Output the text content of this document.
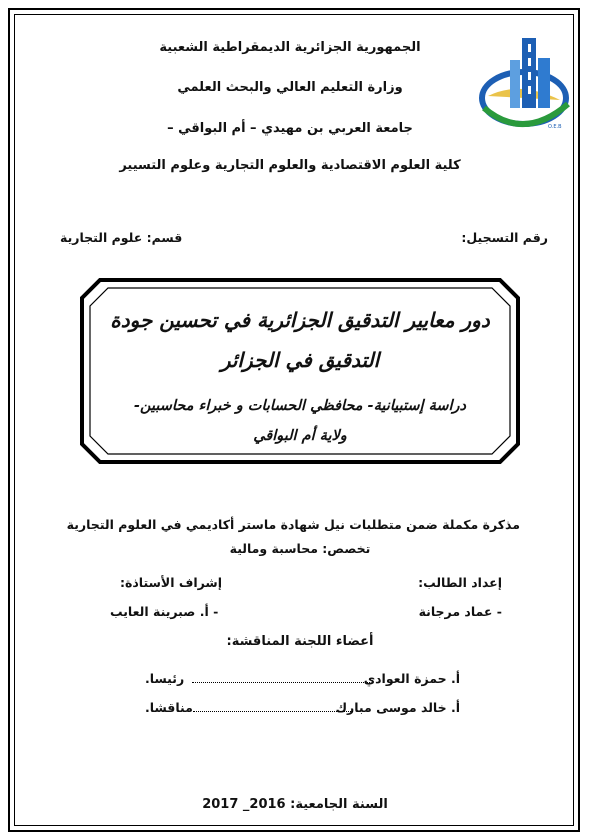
O.E.B
الجمهورية الجزائرية الديمقراطية الشعبية
وزارة التعليم العالي والبحث العلمي
جامعة العربي بن مهيدي – أم البواقي –
كلية العلوم الاقتصادية والعلوم التجارية وعلوم التسيير
رقم التسجيل:
قسم: علوم التجارية
دور معايير التدقيق الجزائرية في تحسين جودة
التدقيق في الجزائر
دراسة إستبيانية- محافظي الحسابات و خبراء محاسبين-
ولاية أم البواقي
مذكرة مكملة ضمن متطلبات نيل شهادة ماستر أكاديمي في العلوم التجارية
تخصص: محاسبة ومالية
إعداد الطالب:
إشراف الأستاذة:
- عماد مرجانة
- أ. صبرينة العايب
أعضاء اللجنة المناقشة:
أ. حمزة العوادي
رئيسا.
أ. خالد موسى مبارك
مناقشا.
السنة الجامعية: 2016_ 2017
